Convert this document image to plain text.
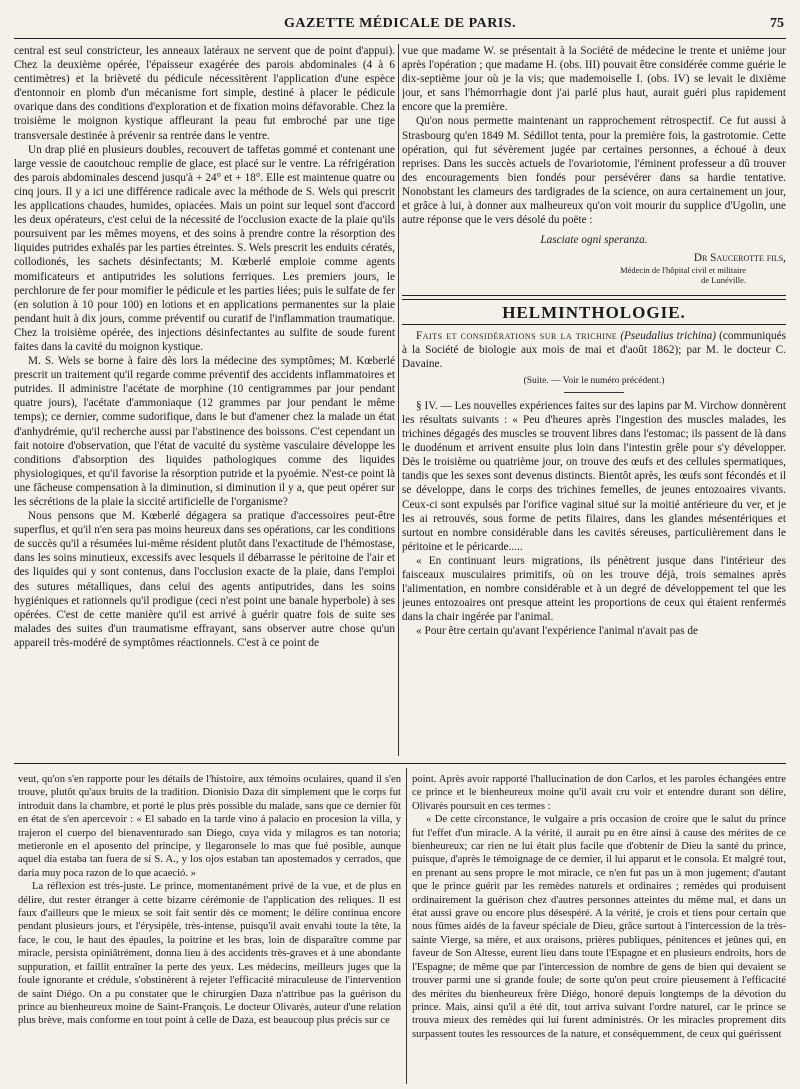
GAZETTE MÉDICALE DE PARIS.	75

central est seul constricteur, les anneaux latéraux ne servent que de point d'appui). Chez la deuxième opérée, l'épaisseur exagérée des parois abdominales (4 à 6 centimètres) et la brièveté du pédicule nécessitèrent l'application d'une espèce d'entonnoir en plomb d'un mécanisme fort simple, destiné à placer le pédicule ovarique dans des conditions d'exploration et de fixation moins défavorable. Chez la troisième le moignon kystique affleurant la peau fut embroché par une tige transversale destinée à prévenir sa rentrée dans le ventre.

Un drap plié en plusieurs doubles, recouvert de taffetas gommé et contenant une large vessie de caoutchouc remplie de glace, est placé sur le ventre. La réfrigération des parois abdominales descend jusqu'à + 24° et + 18°. Elle est maintenue quatre ou cinq jours. Il y a ici une différence radicale avec la méthode de S. Wels qui prescrit les applications chaudes, humides, opiacées. Mais un point sur lequel sont d'accord les deux opérateurs, c'est celui de la nécessité de l'occlusion exacte de la plaie qu'ils poursuivent par les mêmes moyens, et des soins à prendre contre la résorption des liquides putrides exhalés par les parties étreintes. S. Wels prescrit les enduits cératés, collodionés, les sachets désinfectants; M. Kœberlé emploie comme agents momificateurs et antiputrides les solutions ferriques. Les premiers jours, le perchlorure de fer pour momifier le pédicule et les parties liées; puis le sulfate de fer (en solution à 10 pour 100) en lotions et en applications permanentes sur la plaie pendant huit à dix jours, comme préventif ou curatif de l'inflammation traumatique. Chez la troisième opérée, des injections désinfectantes au sulfite de soude furent faites dans la cavité du moignon kystique.

M. S. Wels se borne à faire dès lors la médecine des symptômes; M. Kœberlé prescrit un traitement qu'il regarde comme préventif des accidents inflammatoires et putrides. Il administre l'acétate de morphine (10 centigrammes par jour pendant quatre jours), l'acétate d'ammoniaque (12 grammes par jour pendant le même temps); ce dernier, comme sudorifique, dans le but d'amener chez la malade un état d'anhydrémie, qu'il recherche aussi par l'abstinence des boissons. C'est cependant un fait notoire d'observation, que l'état de vacuité du système vasculaire développe les conditions d'absorption des liquides pathologiques comme des liquides physiologiques, et qu'il favorise la résorption putride et la pyoémie. N'est-ce point là une fâcheuse compensation à la diminution, si diminution il y a, que peut opérer sur les sécrétions de la plaie la siccité artificielle de l'organisme?

Nous pensons que M. Kœberlé dégagera sa pratique d'accessoires peut-être superflus, et qu'il n'en sera pas moins heureux dans ses opérations, car les conditions de succès qu'il a résumées lui-même résident plutôt dans l'exactitude de l'hémostase, dans les soins minutieux, excessifs avec lesquels il débarrasse le péritoine de l'air et des liquides qui y sont contenus, dans l'occlusion exacte de la plaie, dans l'emploi des sutures métalliques, dans celui des agents antiputrides, dans les soins hygiéniques et rationnels qu'il prodigue (ceci n'est point une banale hyperbole) à ses opérées. C'est de cette manière qu'il est arrivé à guérir quatre fois de suite ses malades des suites d'un traumatisme effrayant, sans observer autre chose qu'un appareil très-modéré de symptômes réactionnels. C'est à ce point de

vue que madame W. se présentait à la Société de médecine le trente et unième jour après l'opération ; que madame H. (obs. III) pouvait être considérée comme guérie le dix-septième jour où je la vis; que mademoiselle I. (obs. IV) se levait le dixième jour, et sans l'hémorrhagie dont j'ai parlé plus haut, aurait guéri plus rapidement encore que la première.

Qu'on nous permette maintenant un rapprochement rétrospectif. Ce fut aussi à Strasbourg qu'en 1849 M. Sédillot tenta, pour la première fois, la gastrotomie. Cette opération, qui fut sévèrement jugée par certaines personnes, a échoué à deux reprises. Dans les succès actuels de l'ovariotomie, l'éminent professeur a dû trouver des encouragements bien fondés pour persévérer dans sa hardie tentative. Nonobstant les clameurs des tardigrades de la science, on aura certainement un jour, et grâce à lui, à donner aux malheureux qu'on voit mourir du supplice d'Ugolin, une autre réponse que le vers désolé du poëte :

Lasciate ogni speranza.
Dr Saucerotte fils,
Médecin de l'hôpital civil et militaire
de Lunéville.
HELMINTHOLOGIE.

Faits et considérations sur la trichine (Pseudalius trichina) (communiqués à la Société de biologie aux mois de mai et d'août 1862); par M. le docteur C. Davaine.

(Suite. — Voir le numéro précédent.)

§ IV. — Les nouvelles expériences faites sur des lapins par M. Virchow donnèrent les résultats suivants : « Peu d'heures après l'ingestion des muscles malades, les trichines dégagés des muscles se trouvent libres dans l'estomac; ils passent de là dans le duodénum et arrivent ensuite plus loin dans l'intestin grêle pour s'y développer. Dès le troisième ou quatrième jour, on trouve des œufs et des cellules spermatiques, tandis que les sexes sont devenus distincts. Bientôt après, les œufs sont fécondés et il se développe, dans le corps des trichines femelles, de jeunes entozoaires vivants. Ceux-ci sont expulsés par l'orifice vaginal situé sur la moitié antérieure du ver, et je les ai retrouvés, sous forme de petits filaires, dans les glandes mésentériques et surtout en nombre considérable dans les cavités séreuses, particulièrement dans le péritoine et le péricarde.....

« En continuant leurs migrations, ils pénètrent jusque dans l'intérieur des faisceaux musculaires primitifs, où on les trouve déjà, trois semaines après l'alimentation, en nombre considérable et à un degré de développement tel que les jeunes entozoaires ont presque atteint les proportions de ceux qui étaient renfermés dans la chair ingérée par l'animal.

« Pour être certain qu'avant l'expérience l'animal n'avait pas de

veut, qu'on s'en rapporte pour les détails de l'histoire, aux témoins oculaires, quand il s'en trouve, plutôt qu'aux bruits de la tradition. Dionisio Daza dit simplement que le corps fut introduit dans la chambre, et porté le plus près possible du malade, sans que ce dernier fût en état de s'en apercevoir : « El sabado en la tarde vino á palacio en procesion la villa, y trajeron el cuerpo del bienaventurado san Diego, cuya vida y milagros es tan notoria; metieronle en el aposento del príncipe, y llegaronsele lo mas que fué posible, aunque aquel dia estaba tan fuera de sí S. A., y los ojos estaban tan apostemados y cerrados, que daria muy poca razon de lo que acaeció. »

La réflexion est très-juste. Le prince, momentanément privé de la vue, et de plus en délire, dut rester étranger à cette bizarre cérémonie de l'application des reliques. Il est faux d'ailleurs que le mieux se soit fait sentir dès ce moment; le délire continua encore pendant plusieurs jours, et l'érysipèle, très-intense, puisqu'il avait envahi toute la tête, la face, le cou, le haut des épaules, la poitrine et les bras, loin de disparaître comme par miracle, persista opiniâtrément, donna lieu à des accidents très-graves et à une abondante suppuration, et faillit entraîner la perte des yeux. Les médecins, meilleurs juges que la foule ignorante et crédule, s'obstinèrent à rejeter l'efficacité miraculeuse de l'intervention de saint Diégo. On a pu constater que le chirurgien Daza n'attribue pas la guérison du prince au bienheureux moine de Saint-François. Le docteur Olivarès, auteur d'une relation plus brève, mais conforme en tout point à celle de Daza, est beaucoup plus précis sur ce

point. Après avoir rapporté l'hallucination de don Carlos, et les paroles échangées entre ce prince et le bienheureux moine qu'il avait cru voir et entendre durant son délire, Olivarès poursuit en ces termes :

« De cette circonstance, le vulgaire a pris occasion de croire que le salut du prince fut l'effet d'un miracle. A la vérité, il aurait pu en être ainsi à cause des mérites de ce bienheureux; car rien ne lui était plus facile que d'obtenir de Dieu la santé du prince, puisque, d'après le témoignage de ce dernier, il lui apparut et le consola. Et malgré tout, en prenant au sens propre le mot miracle, ce n'en fut pas un à mon jugement; d'autant que le prince guérit par les remèdes naturels et ordinaires ; remèdes qui produisent ordinairement la guérison chez d'autres personnes atteintes du même mal, et dans un état aussi grave ou encore plus désespéré. A la vérité, je crois et tiens pour certain que nous fûmes aidés de la faveur spéciale de Dieu, grâce surtout à l'intercession de la très-sainte Vierge, sa mère, et aux oraisons, prières publiques, pénitences et jeûnes qui, en faveur de Son Altesse, eurent lieu dans toute l'Espagne et en plusieurs endroits, hors de l'Espagne; de même que par l'intercession de nombre de gens de bien qui devaient se trouver parmi une si grande foule; de sorte qu'on peut croire pieusement à l'efficacité des mérites du bienheureux frère Diégo, honoré depuis longtemps de la dévotion du prince. Mais, ainsi qu'il a été dit, tout arriva suivant l'ordre naturel, car le prince se trouva mieux des remèdes qui lui furent administrés. Or les miracles proprement dits surpassent toutes les ressources de la nature, et conséquemment, de ceux qui guérissent
